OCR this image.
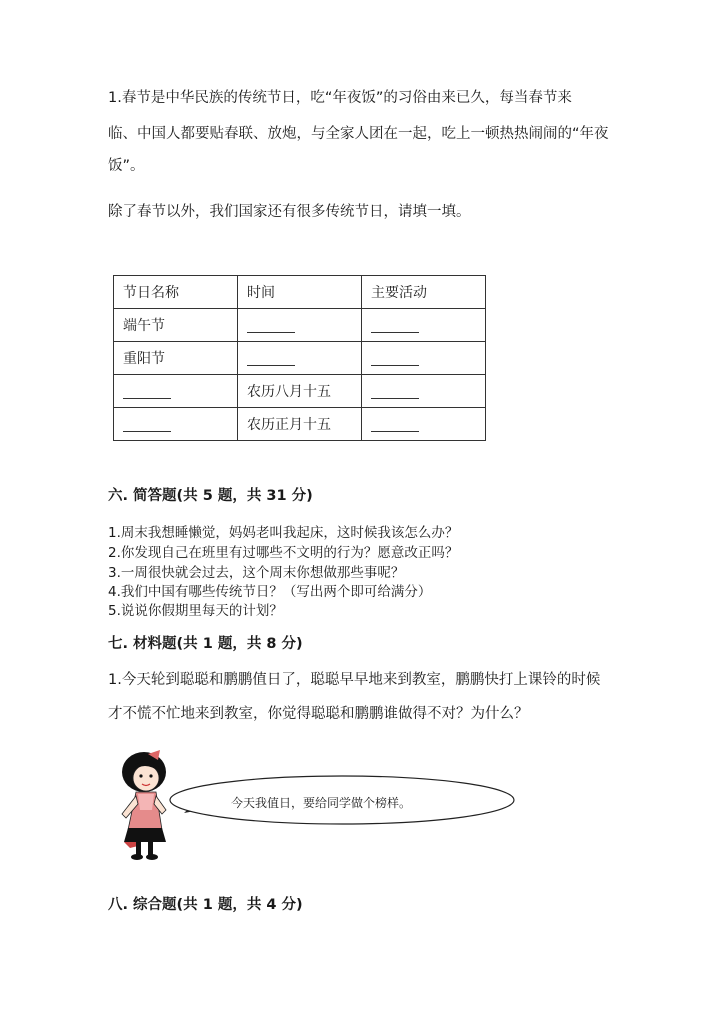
1.春节是中华民族的传统节日，吃“年夜饭”的习俗由来已久，每当春节来
临、中国人都要贴春联、放炮，与全家人团在一起，吃上一顿热热闹闹的“年夜
饭”。
除了春节以外，我们国家还有很多传统节日，请填一填。
节日名称	时间	主要活动
端午节		
重阳节		
	农历八月十五	
	农历正月十五	
六. 简答题(共 5 题，共 31 分)
1.周末我想睡懒觉，妈妈老叫我起床，这时候我该怎么办？
2.你发现自己在班里有过哪些不文明的行为？愿意改正吗？
3.一周很快就会过去，这个周末你想做那些事呢？
4.我们中国有哪些传统节日？（写出两个即可给满分）
5.说说你假期里每天的计划？
七. 材料题(共 1 题，共 8 分)
1.今天轮到聪聪和鹏鹏值日了，聪聪早早地来到教室，鹏鹏快打上课铃的时候
才不慌不忙地来到教室，你觉得聪聪和鹏鹏谁做得不对？为什么？
今天我值日，要给同学做个榜样。
八. 综合题(共 1 题，共 4 分)
